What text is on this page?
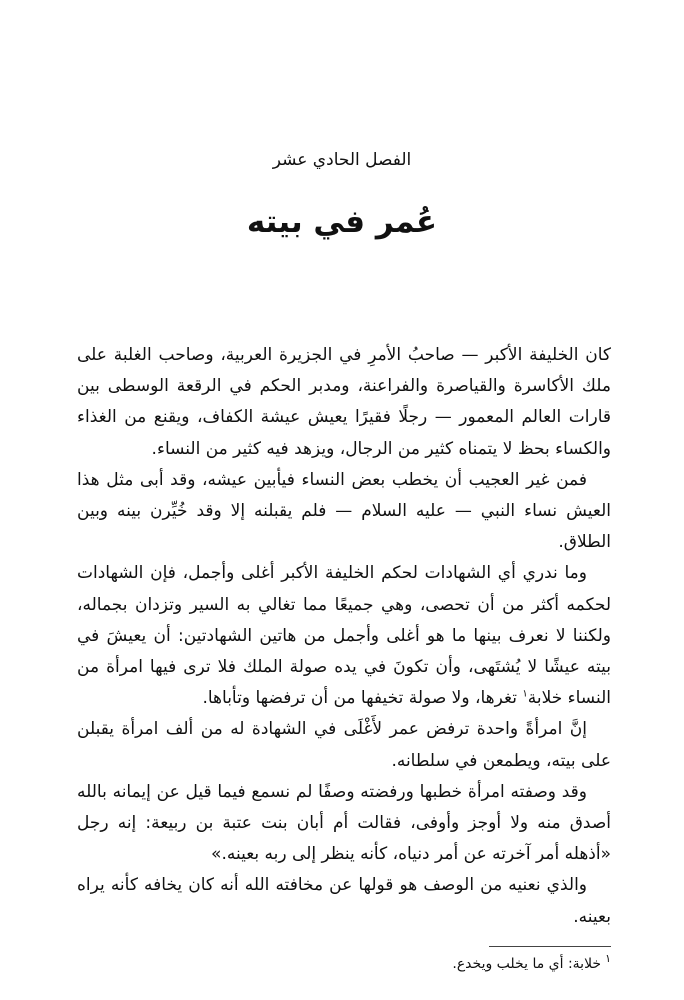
الفصل الحادي عشر
عُمر في بيته

كان الخليفة الأكبر — صاحبُ الأمرِ في الجزيرة العربية، وصاحب الغلبة على ملك الأكاسرة والقياصرة والفراعنة، ومدبر الحكم في الرقعة الوسطى بين قارات العالم المعمور — رجلًا فقيرًا يعيش عيشة الكفاف، ويقنع من الغذاء والكساء بحظ لا يتمناه كثير من الرجال، ويزهد فيه كثير من النساء.

فمن غير العجيب أن يخطب بعض النساء فيأبين عيشه، وقد أبى مثل هذا العيش نساء النبي — عليه السلام — فلم يقبلنه إلا وقد خُيِّرن بينه وبين الطلاق.

وما ندري أي الشهادات لحكم الخليفة الأكبر أغلى وأجمل، فإن الشهادات لحكمه أكثر من أن تحصى، وهي جميعًا مما تغالي به السير وتزدان بجماله، ولكننا لا نعرف بينها ما هو أغلى وأجمل من هاتين الشهادتين: أن يعيشَ في بيته عيشًا لا يُشتَهى، وأن تكونَ في يده صولة الملك فلا ترى فيها امرأة من النساء خلابة$^١$ تغرها، ولا صولة تخيفها من أن ترفضها وتأباها.

إنَّ امرأةً واحدة ترفض عمر لأَغْلَى في الشهادة له من ألف امرأة يقبلن على بيته، ويطمعن في سلطانه.

وقد وصفته امرأة خطبها ورفضته وصفًا لم نسمع فيما قيل عن إيمانه بالله أصدق منه ولا أوجز وأوفى، فقالت أم أبان بنت عتبة بن ربيعة: إنه رجل «أذهله أمر آخرته عن أمر دنياه، كأنه ينظر إلى ربه بعينه.»

والذي نعنيه من الوصف هو قولها عن مخافته الله أنه كان يخافه كأنه يراه بعينه.

$^١$خلابة: أي ما يخلب ويخدع.
